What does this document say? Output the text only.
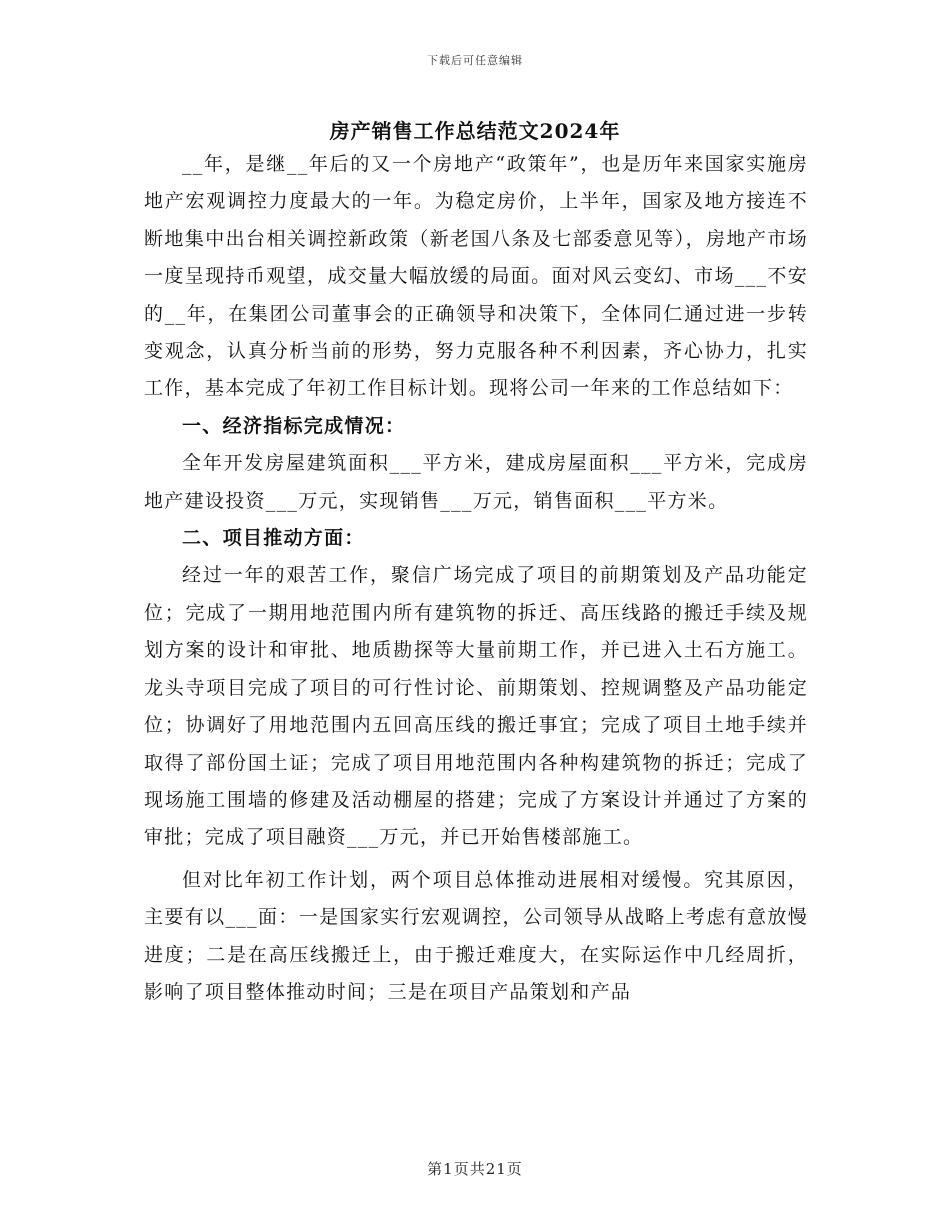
下载后可任意编辑
房产销售工作总结范文2024年

__年，是继__年后的又一个房地产“政策年”，也是历年来国家实施房地产宏观调控力度最大的一年。为稳定房价，上半年，国家及地方接连不断地集中出台相关调控新政策（新老国八条及七部委意见等），房地产市场一度呈现持币观望，成交量大幅放缓的局面。面对风云变幻、市场___不安的__年，在集团公司董事会的正确领导和决策下，全体同仁通过进一步转变观念，认真分析当前的形势，努力克服各种不利因素，齐心协力，扎实工作，基本完成了年初工作目标计划。现将公司一年来的工作总结如下：

一、经济指标完成情况：

全年开发房屋建筑面积___平方米，建成房屋面积___平方米，完成房地产建设投资___万元，实现销售___万元，销售面积___平方米。

二、项目推动方面：

经过一年的艰苦工作，聚信广场完成了项目的前期策划及产品功能定位；完成了一期用地范围内所有建筑物的拆迁、高压线路的搬迁手续及规划方案的设计和审批、地质勘探等大量前期工作，并已进入土石方施工。龙头寺项目完成了项目的可行性讨论、前期策划、控规调整及产品功能定位；协调好了用地范围内五回高压线的搬迁事宜；完成了项目土地手续并取得了部份国土证；完成了项目用地范围内各种构建筑物的拆迁；完成了现场施工围墙的修建及活动棚屋的搭建；完成了方案设计并通过了方案的审批；完成了项目融资___万元，并已开始售楼部施工。

但对比年初工作计划，两个项目总体推动进展相对缓慢。究其原因，主要有以___面：一是国家实行宏观调控，公司领导从战略上考虑有意放慢进度；二是在高压线搬迁上，由于搬迁难度大，在实际运作中几经周折，影响了项目整体推动时间；三是在项目产品策划和产品

第1页共21页
